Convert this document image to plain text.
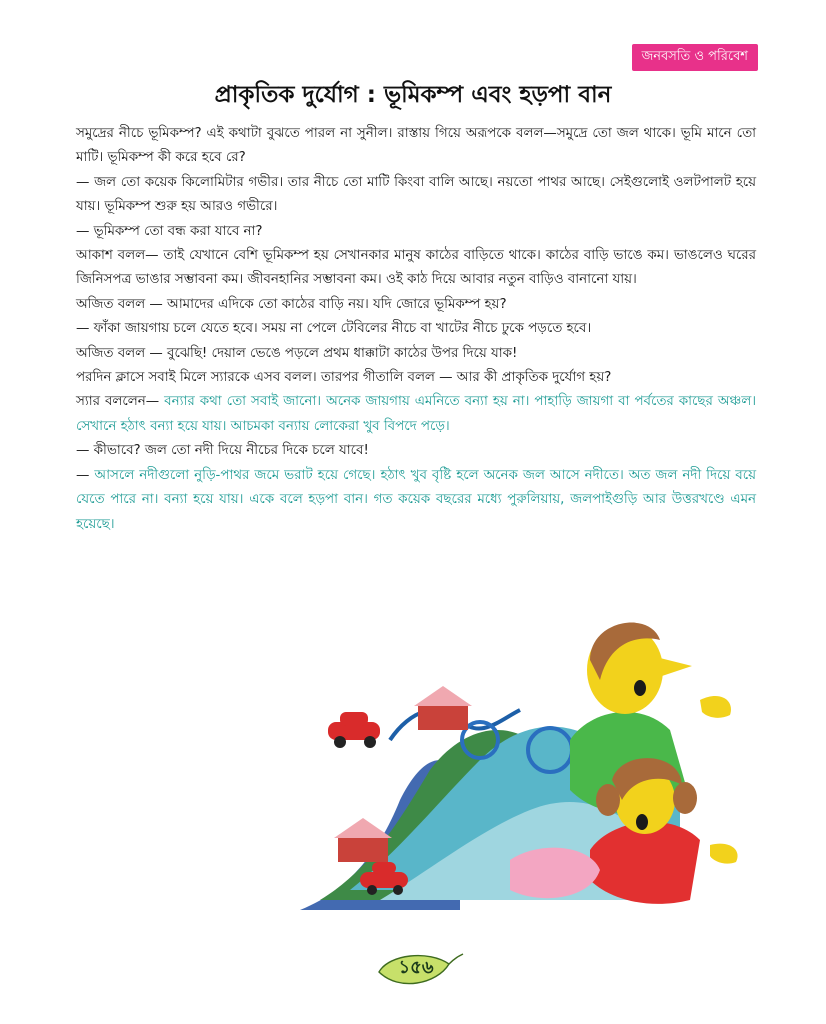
জনবসতি ও পরিবেশ
প্রাকৃতিক দুর্যোগ : ভূমিকম্প এবং হড়পা বান

সমুদ্রের নীচে ভূমিকম্প? এই কথাটা বুঝতে পারল না সুনীল। রাস্তায় গিয়ে অরূপকে বলল—সমুদ্রে তো জল থাকে। ভূমি মানে তো মাটি। ভূমিকম্প কী করে হবে রে?

— জল তো কয়েক কিলোমিটার গভীর। তার নীচে তো মাটি কিংবা বালি আছে। নয়তো পাথর আছে। সেইগুলোই ওলটপালট হয়ে যায়। ভূমিকম্প শুরু হয় আরও গভীরে।

— ভূমিকম্প তো বন্ধ করা যাবে না?

আকাশ বলল— তাই যেখানে বেশি ভূমিকম্প হয় সেখানকার মানুষ কাঠের বাড়িতে থাকে। কাঠের বাড়ি ভাঙে কম। ভাঙলেও ঘরের জিনিসপত্র ভাঙার সম্ভাবনা কম। জীবনহানির সম্ভাবনা কম। ওই কাঠ দিয়ে আবার নতুন বাড়িও বানানো যায়।

অজিত বলল — আমাদের এদিকে তো কাঠের বাড়ি নয়। যদি জোরে ভূমিকম্প হয়?

— ফাঁকা জায়গায় চলে যেতে হবে। সময় না পেলে টেবিলের নীচে বা খাটের নীচে ঢুকে পড়তে হবে।

অজিত বলল — বুঝেছি! দেয়াল ভেঙে পড়লে প্রথম ধাক্কাটা কাঠের উপর দিয়ে যাক!

পরদিন ক্লাসে সবাই মিলে স্যারকে এসব বলল। তারপর গীতালি বলল — আর কী প্রাকৃতিক দুর্যোগ হয়?

স্যার বললেন— বন্যার কথা তো সবাই জানো। অনেক জায়গায় এমনিতে বন্যা হয় না। পাহাড়ি জায়গা বা পর্বতের কাছের অঞ্চল। সেখানে হঠাৎ বন্যা হয়ে যায়। আচমকা বন্যায় লোকেরা খুব বিপদে পড়ে।

— কীভাবে? জল তো নদী দিয়ে নীচের দিকে চলে যাবে!

— আসলে নদীগুলো নুড়ি-পাথর জমে ভরাট হয়ে গেছে। হঠাৎ খুব বৃষ্টি হলে অনেক জল আসে নদীতে। অত জল নদী দিয়ে বয়ে যেতে পারে না। বন্যা হয়ে যায়। একে বলে হড়পা বান। গত কয়েক বছরের মধ্যে পুরুলিয়ায়, জলপাইগুড়ি আর উত্তরখণ্ডে এমন হয়েছে।

১৫৬
